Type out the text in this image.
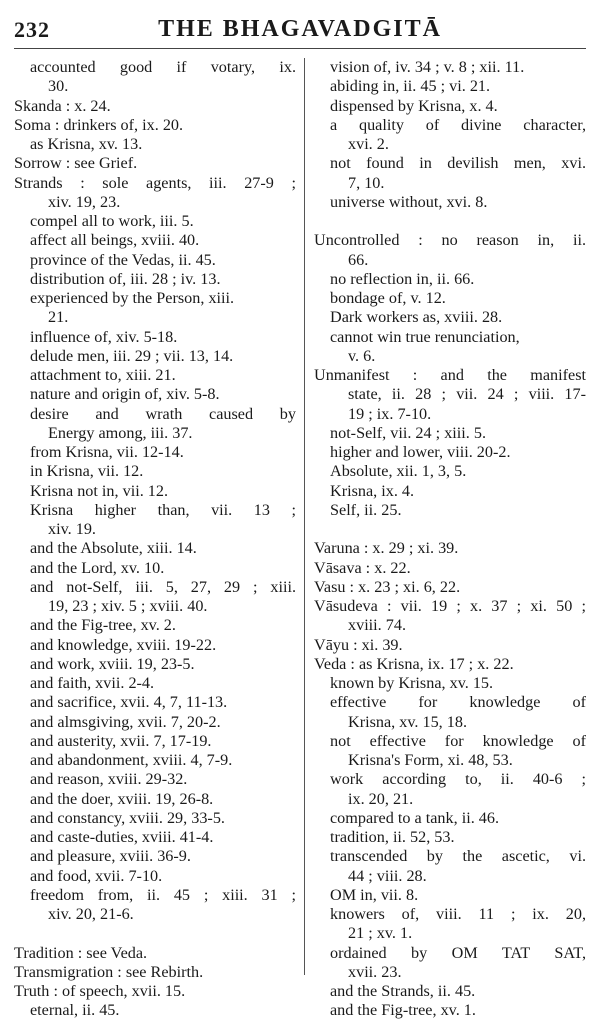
232	THE BHAGAVADGITĀ
accounted good if votary, ix.
30.
Skanda : x. 24.
Soma : drinkers of, ix. 20.
as Krisna, xv. 13.
Sorrow : see Grief.
Strands : sole agents, iii. 27-9 ;
xiv. 19, 23.
compel all to work, iii. 5.
affect all beings, xviii. 40.
province of the Vedas, ii. 45.
distribution of, iii. 28 ; iv. 13.
experienced by the Person, xiii.
21.
influence of, xiv. 5-18.
delude men, iii. 29 ; vii. 13, 14.
attachment to, xiii. 21.
nature and origin of, xiv. 5-8.
desire and wrath caused by
Energy among, iii. 37.
from Krisna, vii. 12-14.
in Krisna, vii. 12.
Krisna not in, vii. 12.
Krisna higher than, vii. 13 ;
xiv. 19.
and the Absolute, xiii. 14.
and the Lord, xv. 10.
and not-Self, iii. 5, 27, 29 ; xiii.
19, 23 ; xiv. 5 ; xviii. 40.
and the Fig-tree, xv. 2.
and knowledge, xviii. 19-22.
and work, xviii. 19, 23-5.
and faith, xvii. 2-4.
and sacrifice, xvii. 4, 7, 11-13.
and almsgiving, xvii. 7, 20-2.
and austerity, xvii. 7, 17-19.
and abandonment, xviii. 4, 7-9.
and reason, xviii. 29-32.
and the doer, xviii. 19, 26-8.
and constancy, xviii. 29, 33-5.
and caste-duties, xviii. 41-4.
and pleasure, xviii. 36-9.
and food, xvii. 7-10.
freedom from, ii. 45 ; xiii. 31 ;
xiv. 20, 21-6.
Tradition : see Veda.
Transmigration : see Rebirth.
Truth : of speech, xvii. 15.
eternal, ii. 45.
vision of, iv. 34 ; v. 8 ; xii. 11.
abiding in, ii. 45 ; vi. 21.
dispensed by Krisna, x. 4.
a quality of divine character,
xvi. 2.
not found in devilish men, xvi.
7, 10.
universe without, xvi. 8.
Uncontrolled : no reason in, ii.
66.
no reflection in, ii. 66.
bondage of, v. 12.
Dark workers as, xviii. 28.
cannot win true renunciation,
v. 6.
Unmanifest : and the manifest
state, ii. 28 ; vii. 24 ; viii. 17-
19 ; ix. 7-10.
not-Self, vii. 24 ; xiii. 5.
higher and lower, viii. 20-2.
Absolute, xii. 1, 3, 5.
Krisna, ix. 4.
Self, ii. 25.
Varuna : x. 29 ; xi. 39.
Vāsava : x. 22.
Vasu : x. 23 ; xi. 6, 22.
Vāsudeva : vii. 19 ; x. 37 ; xi. 50 ;
xviii. 74.
Vāyu : xi. 39.
Veda : as Krisna, ix. 17 ; x. 22.
known by Krisna, xv. 15.
effective for knowledge of
Krisna, xv. 15, 18.
not effective for knowledge of
Krisna's Form, xi. 48, 53.
work according to, ii. 40-6 ;
ix. 20, 21.
compared to a tank, ii. 46.
tradition, ii. 52, 53.
transcended by the ascetic, vi.
44 ; viii. 28.
OM in, vii. 8.
knowers of, viii. 11 ; ix. 20,
21 ; xv. 1.
ordained by OM TAT SAT,
xvii. 23.
and the Strands, ii. 45.
and the Fig-tree, xv. 1.
